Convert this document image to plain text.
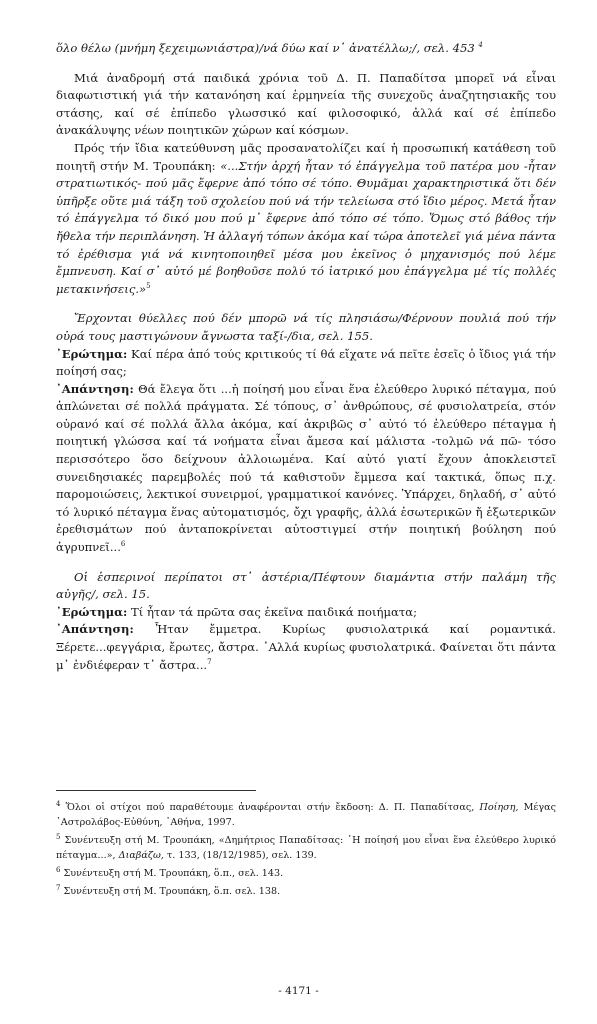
ὅλο θέλω (μνήμη ξεχειμωνιάστρα)/νά δύω καί ν᾽ ἀνατέλλω;/, σελ. 453 $^4$

Μιά ἀναδρομή στά παιδικά χρόνια τοῦ Δ. Π. Παπαδίτσα μπορεῖ νά εἶναι διαφωτιστική γιά τήν κατανόηση καί ἑρμηνεία τῆς συνεχοῦς ἀναζητησιακῆς του στάσης, καί σέ ἐπίπεδο γλωσσικό καί φιλοσοφικό, ἀλλά καί σέ ἐπίπεδο ἀνακάλυψης νέων ποιητικῶν χώρων καί κόσμων.

Πρός τήν ἴδια κατεύθυνση μᾶς προσανατολίζει καί ἡ προσωπική κατάθεση τοῦ ποιητῆ στήν Μ. Τρουπάκη: «...Στήν ἀρχή ἦταν τό ἐπάγγελμα τοῦ πατέρα μου -ἦταν στρατιωτικός- πού μᾶς ἔφερνε ἀπό τόπο σέ τόπο. Θυμᾶμαι χαρακτηριστικά ὅτι δέν ὑπῆρξε οὔτε μιά τάξη τοῦ σχολείου πού νά τήν τελείωσα στό ἴδιο μέρος. Μετά ἦταν τό ἐπάγγελμα τό δικό μου πού μ᾽ ἔφερνε ἀπό τόπο σέ τόπο. Ὅμως στό βάθος τήν ἤθελα τήν περιπλάνηση. Ἡ ἀλλαγή τόπων ἀκόμα καί τώρα ἀποτελεῖ γιά μένα πάντα τό ἐρέθισμα γιά νά κινητοποιηθεῖ μέσα μου ἐκεῖνος ὁ μηχανισμός πού λέμε ἔμπνευση. Καί σ᾽ αὐτό μέ βοηθοῦσε πολύ τό ἰατρικό μου ἐπάγγελμα μέ τίς πολλές μετακινήσεις.»$^5$

Ἔρχονται θύελλες πού δέν μπορῶ νά τίς πλησιάσω/Φέρνουν πουλιά πού τήν οὐρά τους μαστιγώνουν ἄγνωστα ταξί-/δια, σελ. 155.

᾽Ερώτημα: Καί πέρα ἀπό τούς κριτικούς τί θά εἴχατε νά πεῖτε ἐσεῖς ὁ ἴδιος γιά τήν ποίησή σας;

᾽Απάντηση: Θά ἔλεγα ὅτι ...ἡ ποίησή μου εἶναι ἕνα ἐλεύθερο λυρικό πέταγμα, πού ἁπλώνεται σέ πολλά πράγματα. Σέ τόπους, σ᾽ ἀνθρώπους, σέ φυσιολατρεία, στόν οὐρανό καί σέ πολλά ἄλλα ἀκόμα, καί ἀκριβῶς σ᾽ αὐτό τό ἐλεύθερο πέταγμα ἡ ποιητική γλώσσα καί τά νοήματα εἶναι ἄμεσα καί μάλιστα -τολμῶ νά πῶ- τόσο περισσότερο ὅσο δείχνουν ἀλλοιωμένα. Καί αὐτό γιατί ἔχουν ἀποκλειστεῖ συνειδησιακές παρεμβολές πού τά καθιστοῦν ἔμμεσα καί τακτικά, ὅπως π.χ. παρομοιώσεις, λεκτικοί συνειρμοί, γραμματικοί κανόνες. Ὑπάρχει, δηλαδή, σ᾽ αὐτό τό λυρικό πέταγμα ἕνας αὐτοματισμός, ὄχι γραφῆς, ἀλλά ἐσωτερικῶν ἤ ἐξωτερικῶν ἐρεθισμάτων πού ἀνταποκρίνεται αὐτοστιγμεί στήν ποιητική βούληση πού ἀγρυπνεῖ...$^6$

Οἱ ἑσπερινοί περίπατοι στ᾽ ἀστέρια/Πέφτουν διαμάντια στήν παλάμη τῆς αὐγῆς/, σελ. 15.

᾽Ερώτημα: Τί ἦταν τά πρῶτα σας ἐκεῖνα παιδικά ποιήματα;

᾽Απάντηση: Ἦταν ἔμμετρα. Κυρίως φυσιολατρικά καί ρομαντικά. Ξέρετε...φεγγάρια, ἔρωτες, ἄστρα. ᾽Αλλά κυρίως φυσιολατρικά. Φαίνεται ὅτι πάντα μ᾽ ἐνδιέφεραν τ᾽ ἄστρα...$^7$

$^4$ Ὅλοι οἱ στίχοι πού παραθέτουμε ἀναφέρονται στήν ἔκδοση: Δ. Π. Παπαδίτσας, Ποίηση, Μέγας ᾽Αστρολάβος-Εὐθύνη, ᾽Αθήνα, 1997.

$^5$ Συνέντευξη στή Μ. Τρουπάκη, «Δημήτριος Παπαδίτσας: ῾Η ποίησή μου εἶναι ἕνα ἐλεύθερο λυρικό πέταγμα...», Διαβάζω, τ. 133, (18/12/1985), σελ. 139.

$^6$ Συνέντευξη στή Μ. Τρουπάκη, ὅ.π., σελ. 143.

$^7$ Συνέντευξη στή Μ. Τρουπάκη, ὅ.π. σελ. 138.

- 4171 -
